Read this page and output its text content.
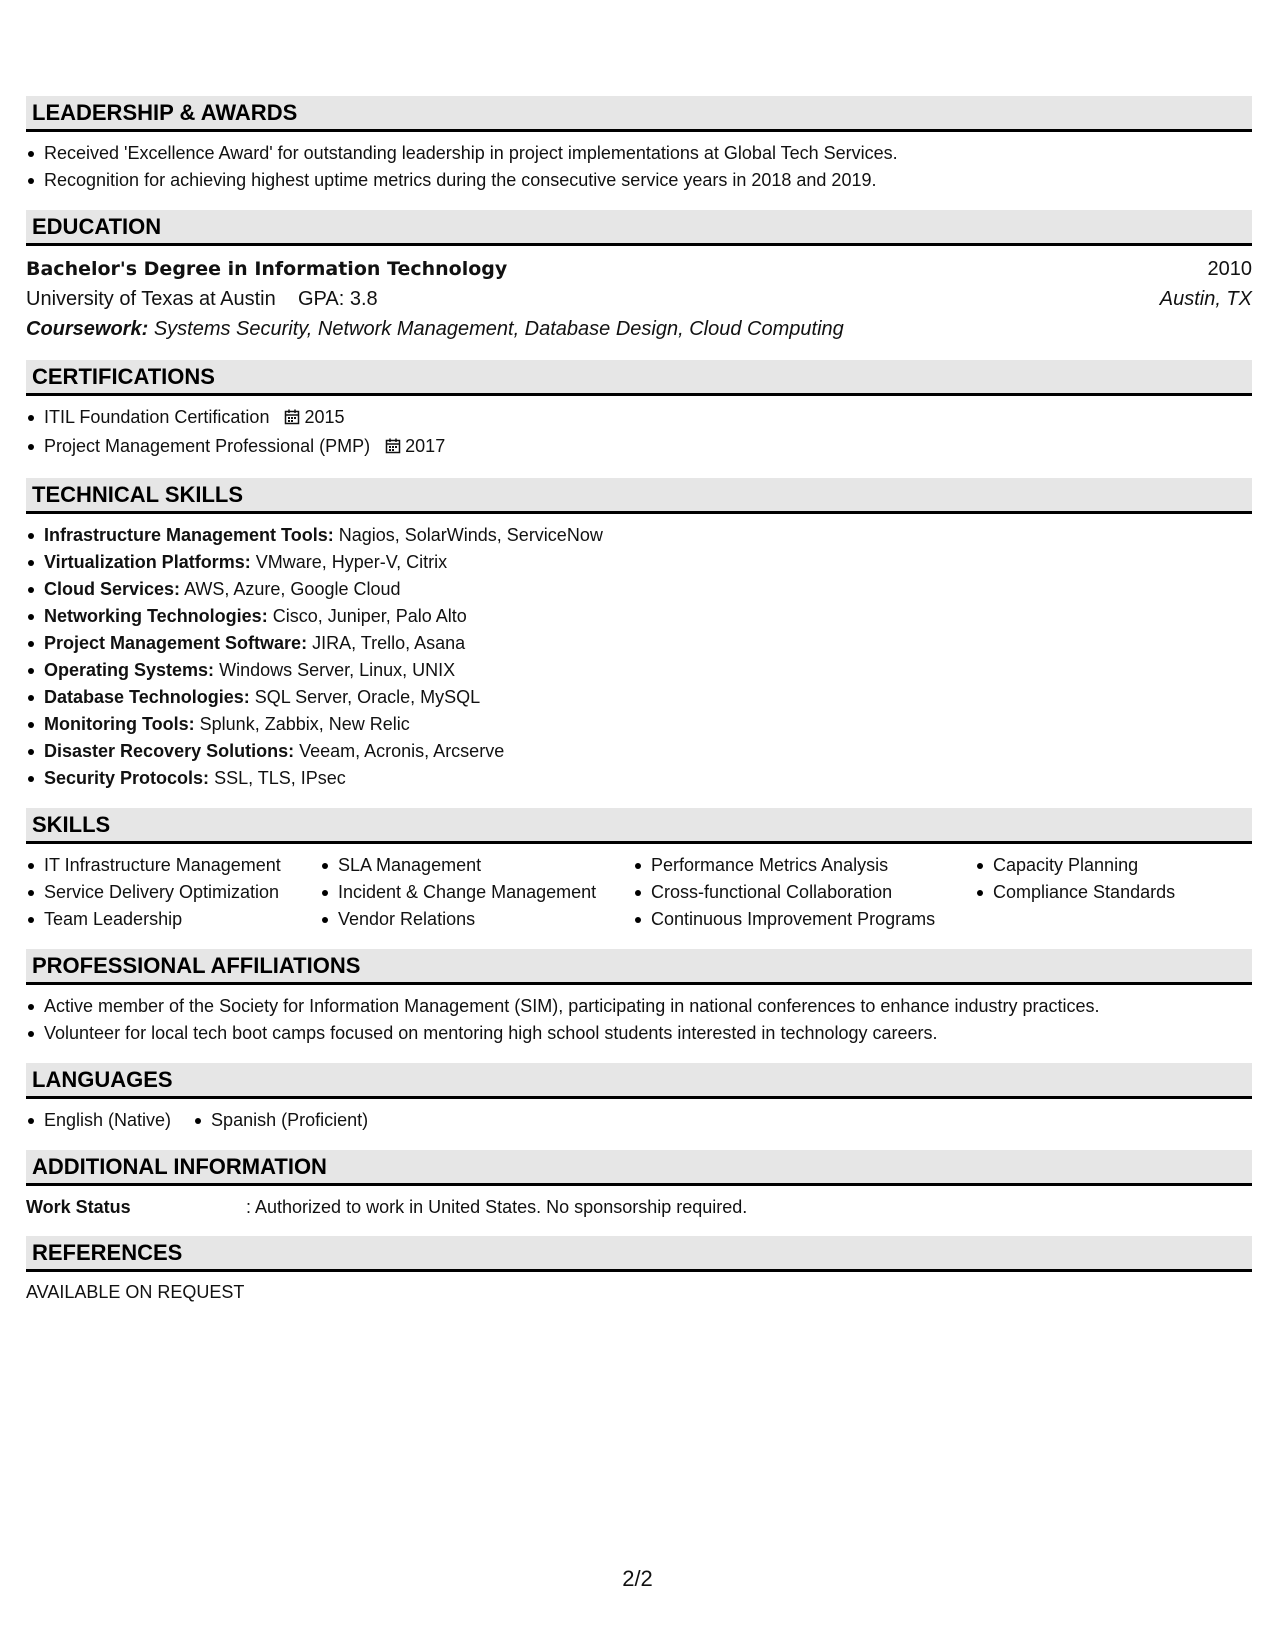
LEADERSHIP & AWARDS
Received 'Excellence Award' for outstanding leadership in project implementations at Global Tech Services.
Recognition for achieving highest uptime metrics during the consecutive service years in 2018 and 2019.
EDUCATION
Bachelor's Degree in Information Technology	2010
University of Texas at Austin GPA: 3.8	Austin, TX
Coursework: Systems Security, Network Management, Database Design, Cloud Computing
CERTIFICATIONS
ITIL Foundation Certification 2015
Project Management Professional (PMP) 2017
TECHNICAL SKILLS
Infrastructure Management Tools: Nagios, SolarWinds, ServiceNow
Virtualization Platforms: VMware, Hyper-V, Citrix
Cloud Services: AWS, Azure, Google Cloud
Networking Technologies: Cisco, Juniper, Palo Alto
Project Management Software: JIRA, Trello, Asana
Operating Systems: Windows Server, Linux, UNIX
Database Technologies: SQL Server, Oracle, MySQL
Monitoring Tools: Splunk, Zabbix, New Relic
Disaster Recovery Solutions: Veeam, Acronis, Arcserve
Security Protocols: SSL, TLS, IPsec
SKILLS
IT Infrastructure Management
Service Delivery Optimization
Team Leadership
SLA Management
Incident & Change Management
Vendor Relations
Performance Metrics Analysis
Cross-functional Collaboration
Continuous Improvement Programs
Capacity Planning
Compliance Standards
PROFESSIONAL AFFILIATIONS
Active member of the Society for Information Management (SIM), participating in national conferences to enhance industry practices.
Volunteer for local tech boot camps focused on mentoring high school students interested in technology careers.
LANGUAGES
English (Native)	Spanish (Proficient)
ADDITIONAL INFORMATION
Work Status	: Authorized to work in United States. No sponsorship required.
REFERENCES
AVAILABLE ON REQUEST
2/2
